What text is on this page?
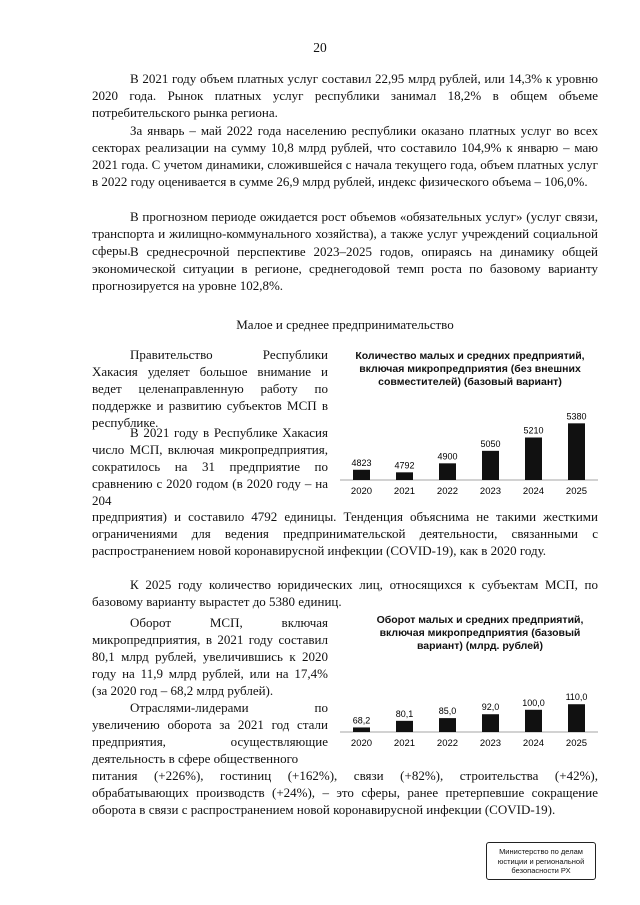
20

В 2021 году объем платных услуг составил 22,95 млрд рублей, или 14,3% к уровню 2020 года. Рынок платных услуг республики занимал 18,2% в общем объеме потребительского рынка региона.

За январь – май 2022 года населению республики оказано платных услуг во всех секторах реализации на сумму 10,8 млрд рублей, что составило 104,9% к январю – маю 2021 года. С учетом динамики, сложившейся с начала текущего года, объем платных услуг в 2022 году оценивается в сумме 26,9 млрд рублей, индекс физического объема – 106,0%.

В прогнозном периоде ожидается рост объемов «обязательных услуг» (услуг связи, транспорта и жилищно-коммунального хозяйства), а также услуг учреждений социальной сферы. В среднесрочной перспективе 2023–2025 годов, опираясь на динамику общей экономической ситуации в регионе, среднегодовой темп роста по базовому варианту прогнозируется на уровне 102,8%.

Малое и среднее предпринимательство

Правительство Республики Хакасия уделяет большое внимание и ведет целенаправленную работу по поддержке и развитию субъектов МСП в республике.

В 2021 году в Республике Хакасия число МСП, включая микропредприятия, сократилось на 31 предприятие по сравнению с 2020 годом (в 2020 году – на 204

предприятия) и составило 4792 единицы. Тенденция объяснима не такими жесткими ограничениями для ведения предпринимательской деятельности, связанными с распространением новой коронавирусной инфекции (COVID-19), как в 2020 году.

К 2025 году количество юридических лиц, относящихся к субъектам МСП, по базовому варианту вырастет до 5380 единиц.

Оборот МСП, включая микропредприятия, в 2021 году составил 80,1 млрд рублей, увеличившись к 2020 году на 11,9 млрд рублей, или на 17,4% (за 2020 год – 68,2 млрд рублей).

Отраслями-лидерами по увеличению оборота за 2021 год стали предприятия, осуществляющие деятельность в сфере общественного

питания (+226%), гостиниц (+162%), связи (+82%), строительства (+42%), обрабатывающих производств (+24%), – это сферы, ранее претерпевшие сокращение оборота в связи с распространением новой коронавирусной инфекции (COVID-19).

Количество малых и средних предприятий, включая микропредприятия (без внешних совместителей) (базовый вариант)
4823
2020
4792
2021
4900
2022
5050
2023
5210
2024
5380
2025
Оборот малых и средних предприятий, включая микропредприятия (базовый вариант) (млрд. рублей)
68,2
2020
80,1
2021
85,0
2022
92,0
2023
100,0
2024
110,0
2025
Министерство по делам юстиции и региональной безопасности РХ
